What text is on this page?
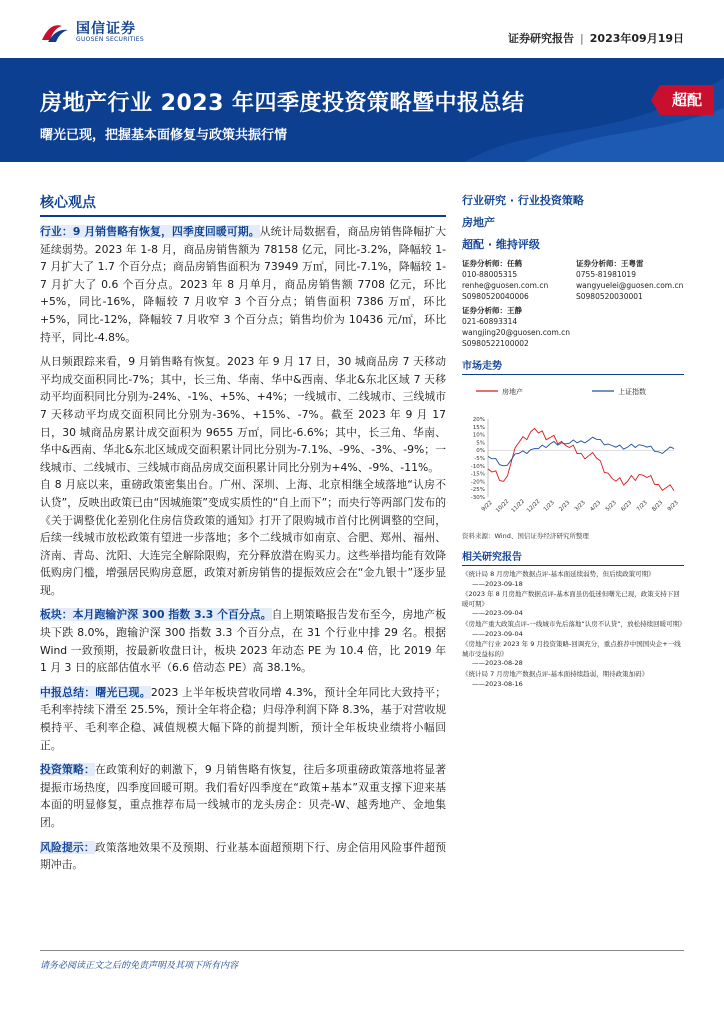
国信证券
GUOSEN SECURITIES	证券研究报告 | 2023年09月19日
房地产行业 2023 年四季度投资策略暨中报总结
曙光已现，把握基本面修复与政策共振行情
超配
核心观点

行业：9 月销售略有恢复，四季度回暖可期。从统计局数据看，商品房销售降幅扩大延续弱势。2023 年 1-8 月，商品房销售额为 78158 亿元，同比-3.2%，降幅较 1-7 月扩大了 1.7 个百分点；商品房销售面积为 73949 万㎡，同比-7.1%，降幅较 1-7 月扩大了 0.6 个百分点。2023 年 8 月单月，商品房销售额 7708 亿元，环比+5%，同比-16%，降幅较 7 月收窄 3 个百分点；销售面积 7386 万㎡，环比+5%，同比-12%，降幅较 7 月收窄 3 个百分点；销售均价为 10436 元/㎡，环比持平，同比-4.8%。

从日频跟踪来看，9 月销售略有恢复。2023 年 9 月 17 日，30 城商品房 7 天移动平均成交面积同比-7%；其中，长三角、华南、华中&西南、华北&东北区域 7 天移动平均面积同比分别为-24%、-1%、+5%、+4%；一线城市、二线城市、三线城市 7 天移动平均成交面积同比分别为-36%、+15%、-7%。截至 2023 年 9 月 17 日，30 城商品房累计成交面积为 9655 万㎡，同比-6.6%；其中，长三角、华南、华中&西南、华北&东北区域成交面积累计同比分别为-7.1%、-9%、-3%、-9%；一线城市、二线城市、三线城市商品房成交面积累计同比分别为+4%、-9%、-11%。

自 8 月底以来，重磅政策密集出台。广州、深圳、上海、北京相继全域落地“认房不认贷”，反映出政策已由“因城施策”变成实质性的“自上而下”；而央行等两部门发布的《关于调整优化差别化住房信贷政策的通知》打开了限购城市首付比例调整的空间，后续一线城市放松政策有望进一步落地；多个二线城市如南京、合肥、郑州、福州、济南、青岛、沈阳、大连完全解除限购，充分释放潜在购买力。这些举措均能有效降低购房门槛，增强居民购房意愿，政策对新房销售的提振效应会在“金九银十”逐步显现。

板块：本月跑输沪深 300 指数 3.3 个百分点。自上期策略报告发布至今，房地产板块下跌 8.0%，跑输沪深 300 指数 3.3 个百分点，在 31 个行业中排 29 名。根据 Wind 一致预期，按最新收盘日计，板块 2023 年动态 PE 为 10.4 倍，比 2019 年 1 月 3 日的底部估值水平（6.6 倍动态 PE）高 38.1%。

中报总结：曙光已现。2023 上半年板块营收同增 4.3%，预计全年同比大致持平；毛利率持续下滑至 25.5%，预计全年将企稳；归母净利润下降 8.3%，基于对营收规模持平、毛利率企稳、减值规模大幅下降的前提判断，预计全年板块业绩将小幅回正。

投资策略：在政策利好的刺激下，9 月销售略有恢复，往后多项重磅政策落地将显著提振市场热度，四季度回暖可期。我们看好四季度在“政策+基本”双重支撑下迎来基本面的明显修复，重点推荐布局一线城市的龙头房企：贝壳-W、越秀地产、金地集团。

风险提示：政策落地效果不及预期、行业基本面超预期下行、房企信用风险事件超预期冲击。

行业研究 · 行业投资策略
房地产
超配 · 维持评级
证券分析师：任鹤
010-88005315
renhe@guosen.com.cn
S0980520040006
证券分析师：王静
021-60893314
wangjing20@guosen.com.cn
S0980522100002
证券分析师：王粤雷
0755-81981019
wangyuelei@guosen.com.cn
S0980520030001
市场走势
房地产	上证指数
20%
15%
10%
5%
0%
-5%
-10%
-15%
-20%
-25%
-30%
9/22 10/22 11/22 12/22 1/23 2/23 3/23 4/23 5/23 6/23 7/23 8/23 9/23
资料来源：Wind、国信证券经济研究所整理
相关研究报告
《统计局 8 月房地产数据点评-基本面延续弱势，但后续政策可期》
——2023-09-18
《2023 年 8 月房地产数据点评-基本面虽仍低迷但曙光已现，政策支持下回暖可期》
——2023-09-04
《房地产重大政策点评-一线城市先后落地“认房不认贷”，放松持续回暖可期》
——2023-09-04
《房地产行业 2023 年 9 月投资策略-回调充分，重点推荐中国国央企+一线城市受益标的》
——2023-08-28
《统计局 7 月房地产数据点评-基本面持续趋弱，期待政策加码》
——2023-08-16
请务必阅读正文之后的免责声明及其项下所有内容
